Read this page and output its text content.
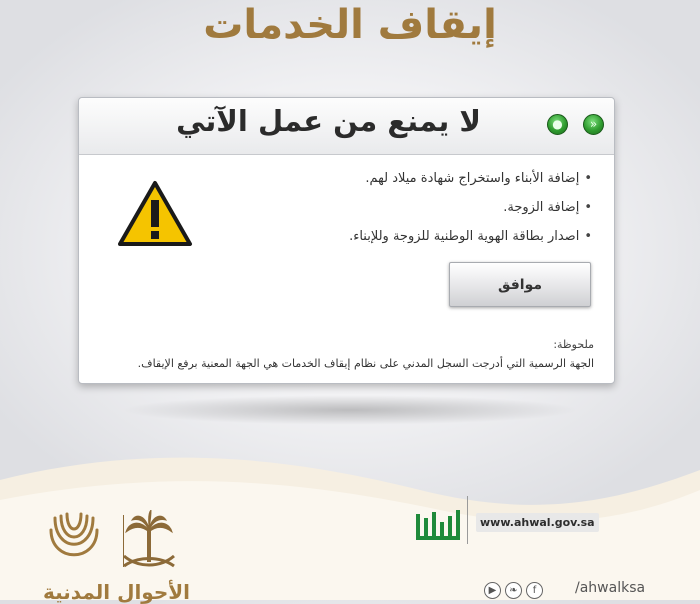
إيقاف الخدمات
●	»
لا يمنع من عمل الآتي
•إضافة الأبناء واستخراج شهادة ميلاد لهم.
•إضافة الزوجة.
•اصدار بطاقة الهوية الوطنية للزوجة وللإبناء.
موافق
ملحوظة:
الجهة الرسمية التي أدرجت السجل المدني على نظام إيقاف الخدمات هي الجهة المعنية برفع الإيقاف.
أبشر
www.ahwal.gov.sa
▶	❧	f	/ahwalksa
الأحوال المدنية
